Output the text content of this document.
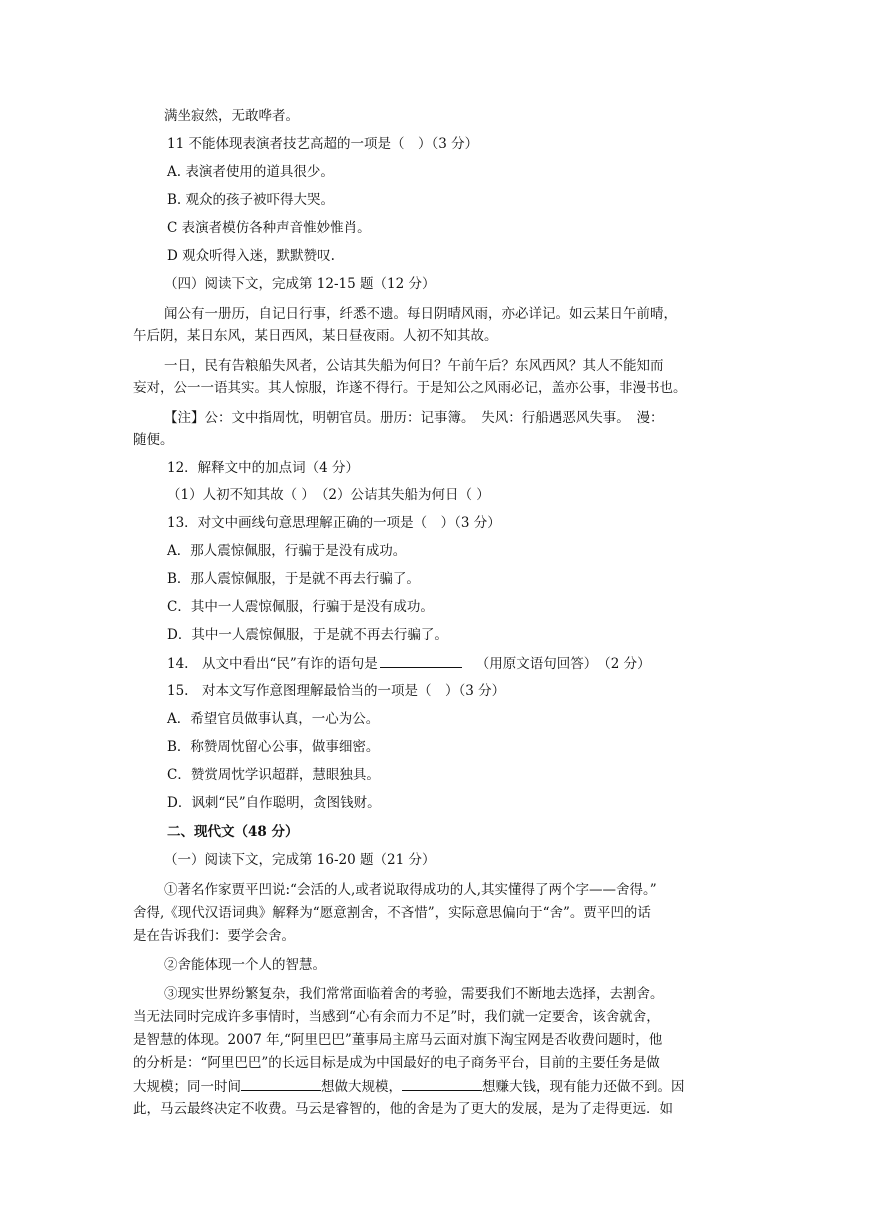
满坐寂然，无敢哗者。

11 不能体现表演者技艺高超的一项是（　）（3 分）

A. 表演者使用的道具很少。

B. 观众的孩子被吓得大哭。

C 表演者模仿各种声音惟妙惟肖。

D 观众听得入迷，默默赞叹.

（四）阅读下文，完成第 12-15 题（12 分）

闻公有一册历，自记日行事，纤悉不遗。每日阴晴风雨，亦必详记。如云某日午前晴，

午后阴，某日东风，某日西风，某日昼夜雨。人初不知其故。

一日，民有告粮船失风者，公诘其失船为何日？午前午后？东风西风？其人不能知而

妄对，公一一语其实。其人惊服，诈遂不得行。于是知公之风雨必记，盖亦公事，非漫书也。

【注】公：文中指周忱，明朝官员。册历：记事簿。　失风：行船遇恶风失事。　漫：

随便。

12．解释文中的加点词（4 分）

（1）人初不知其故（ ）　（2）公诘其失船为何日（ ）

13．对文中画线句意思理解正确的一项是（　）（3 分）

A．那人震惊佩服，行骗于是没有成功。

B．那人震惊佩服，于是就不再去行骗了。

C．其中一人震惊佩服，行骗于是没有成功。

D．其中一人震惊佩服，于是就不再去行骗了。

14.　从文中看出“民”有诈的语句是	（用原文语句回答）　（2 分）

15.　对本文写作意图理解最恰当的一项是（　）（3 分）

A．希望官员做事认真，一心为公。

B．称赞周忱留心公事，做事细密。

C．赞赏周忱学识超群，慧眼独具。

D．讽刺“民”自作聪明，贪图钱财。

二、现代文（48 分）

（一）阅读下文，完成第 16-20 题（21 分）

①著名作家贾平凹说:“会活的人,或者说取得成功的人,其实懂得了两个字——舍得。”

舍得,《现代汉语词典》解释为“愿意割舍，不吝惜”，实际意思偏向于“舍”。贾平凹的话

是在告诉我们：要学会舍。

②舍能体现一个人的智慧。

③现实世界纷繁复杂，我们常常面临着舍的考验，需要我们不断地去选择，去割舍。

当无法同时完成许多事情时，当感到“心有余而力不足”时，我们就一定要舍，该舍就舍，

是智慧的体现。2007 年,“阿里巴巴”董事局主席马云面对旗下淘宝网是否收费问题时，他

的分析是：“阿里巴巴”的长远目标是成为中国最好的电子商务平台，目前的主要任务是做

大规模；同一时间	想做大规模，	想赚大钱，现有能力还做不到。因

此，马云最终决定不收费。马云是睿智的，他的舍是为了更大的发展，是为了走得更远．如
